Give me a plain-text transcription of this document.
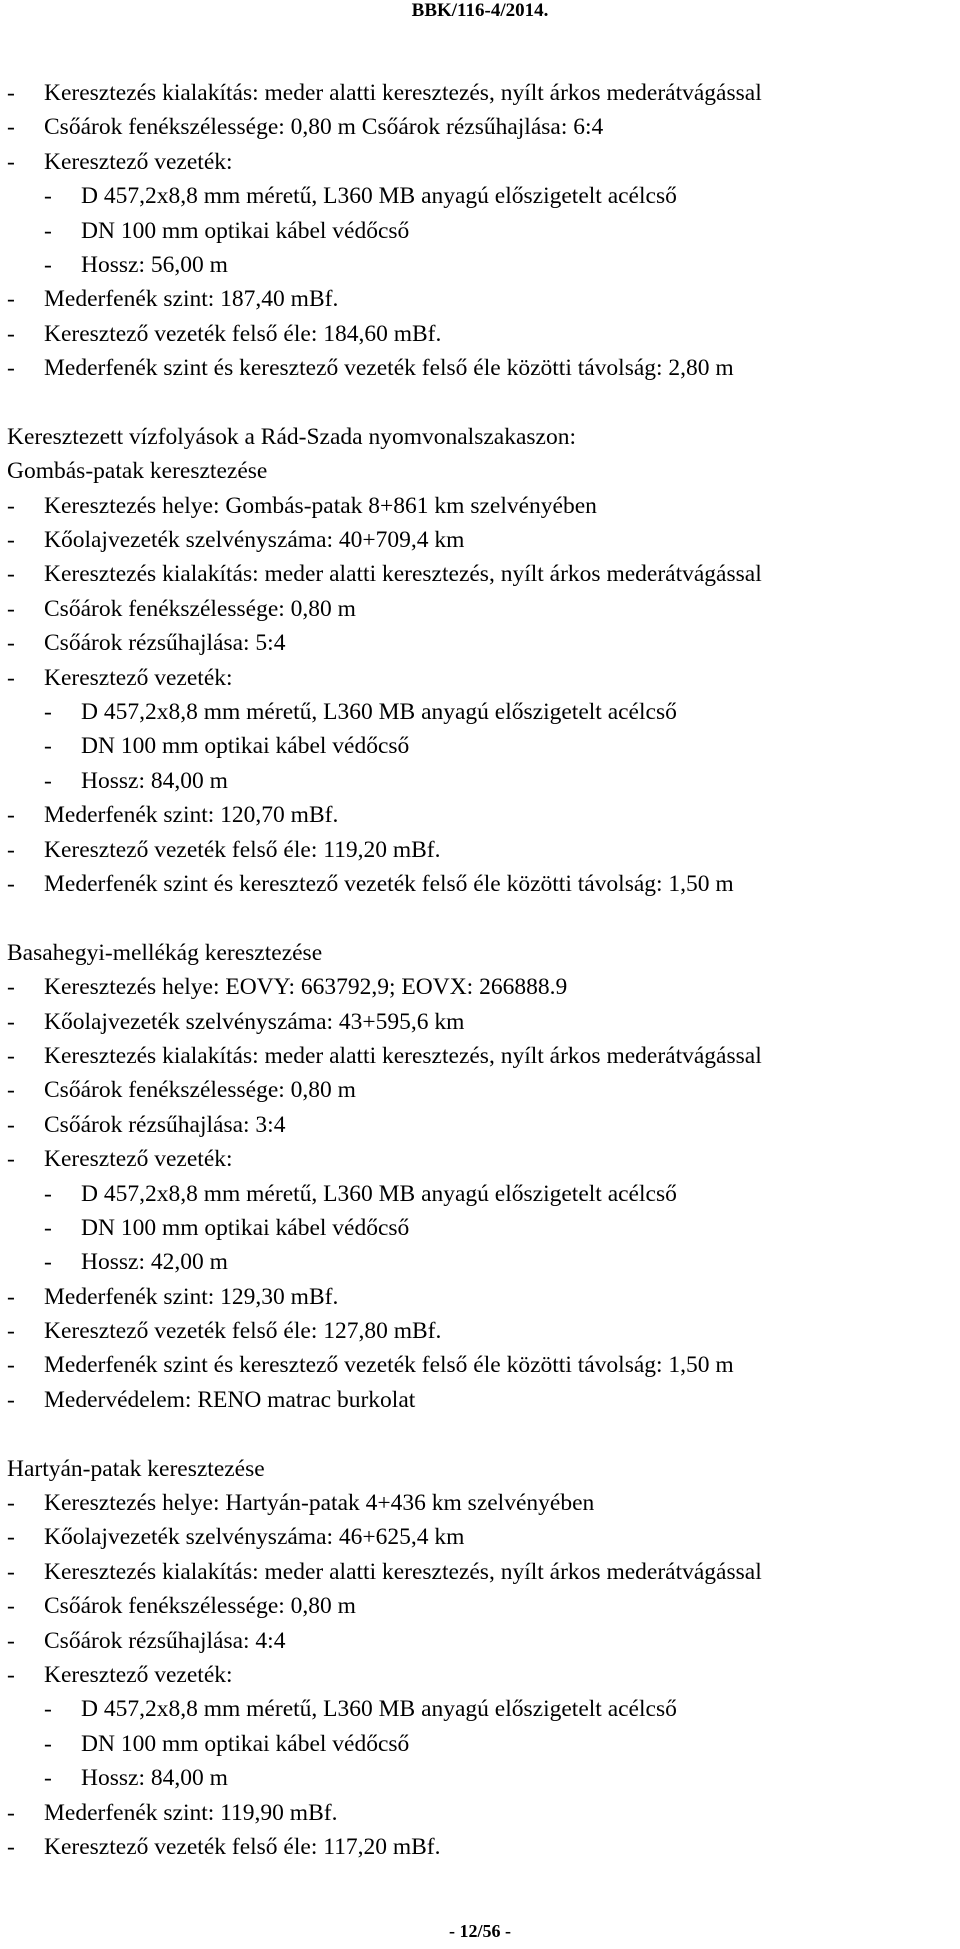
BBK/116-4/2014.
- Keresztezés kialakítás: meder alatti keresztezés, nyílt árkos mederátvágással
- Csőárok fenékszélessége: 0,80 m Csőárok rézsűhajlása: 6:4
- Keresztező vezeték:
- D 457,2x8,8 mm méretű, L360 MB anyagú előszigetelt acélcső
- DN 100 mm optikai kábel védőcső
- Hossz: 56,00 m
- Mederfenék szint: 187,40 mBf.
- Keresztező vezeték felső éle: 184,60 mBf.
- Mederfenék szint és keresztező vezeték felső éle közötti távolság: 2,80 m
Keresztezett vízfolyások a Rád-Szada nyomvonalszakaszon:
Gombás-patak keresztezése
- Keresztezés helye: Gombás-patak 8+861 km szelvényében
- Kőolajvezeték szelvényszáma: 40+709,4 km
- Keresztezés kialakítás: meder alatti keresztezés, nyílt árkos mederátvágással
- Csőárok fenékszélessége: 0,80 m
- Csőárok rézsűhajlása: 5:4
- Keresztező vezeték:
- D 457,2x8,8 mm méretű, L360 MB anyagú előszigetelt acélcső
- DN 100 mm optikai kábel védőcső
- Hossz: 84,00 m
- Mederfenék szint: 120,70 mBf.
- Keresztező vezeték felső éle: 119,20 mBf.
- Mederfenék szint és keresztező vezeték felső éle közötti távolság: 1,50 m
Basahegyi-mellékág keresztezése
- Keresztezés helye: EOVY: 663792,9; EOVX: 266888.9
- Kőolajvezeték szelvényszáma: 43+595,6 km
- Keresztezés kialakítás: meder alatti keresztezés, nyílt árkos mederátvágással
- Csőárok fenékszélessége: 0,80 m
- Csőárok rézsűhajlása: 3:4
- Keresztező vezeték:
- D 457,2x8,8 mm méretű, L360 MB anyagú előszigetelt acélcső
- DN 100 mm optikai kábel védőcső
- Hossz: 42,00 m
- Mederfenék szint: 129,30 mBf.
- Keresztező vezeték felső éle: 127,80 mBf.
- Mederfenék szint és keresztező vezeték felső éle közötti távolság: 1,50 m
- Medervédelem: RENO matrac burkolat
Hartyán-patak keresztezése
- Keresztezés helye: Hartyán-patak 4+436 km szelvényében
- Kőolajvezeték szelvényszáma: 46+625,4 km
- Keresztezés kialakítás: meder alatti keresztezés, nyílt árkos mederátvágással
- Csőárok fenékszélessége: 0,80 m
- Csőárok rézsűhajlása: 4:4
- Keresztező vezeték:
- D 457,2x8,8 mm méretű, L360 MB anyagú előszigetelt acélcső
- DN 100 mm optikai kábel védőcső
- Hossz: 84,00 m
- Mederfenék szint: 119,90 mBf.
- Keresztező vezeték felső éle: 117,20 mBf.
- 12/56 -
